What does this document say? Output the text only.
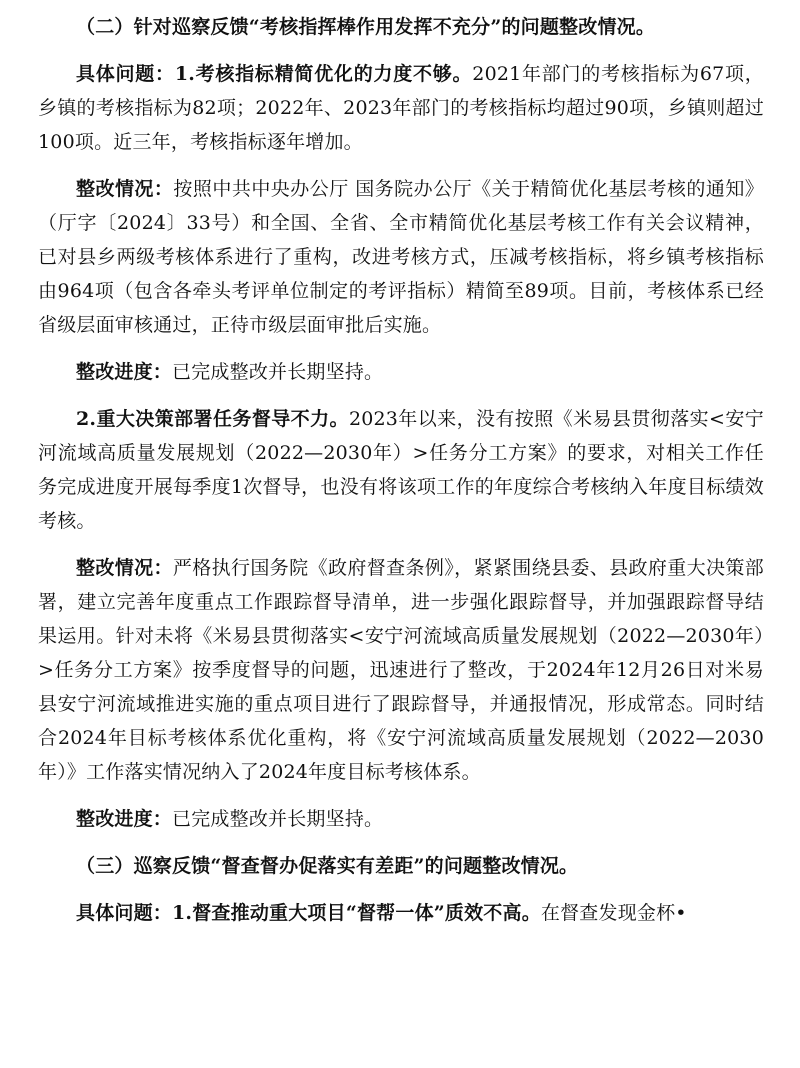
（二）针对巡察反馈“考核指挥棒作用发挥不充分”的问题整改情况。

具体问题：1.考核指标精简优化的力度不够。2021年部门的考核指标为67项，乡镇的考核指标为82项；2022年、2023年部门的考核指标均超过90项，乡镇则超过100项。近三年，考核指标逐年增加。

整改情况：按照中共中央办公厅 国务院办公厅《关于精简优化基层考核的通知》（厅字〔2024〕33号）和全国、全省、全市精简优化基层考核工作有关会议精神，已对县乡两级考核体系进行了重构，改进考核方式，压减考核指标，将乡镇考核指标由964项（包含各牵头考评单位制定的考评指标）精简至89项。目前，考核体系已经省级层面审核通过，正待市级层面审批后实施。

整改进度：已完成整改并长期坚持。

2.重大决策部署任务督导不力。2023年以来，没有按照《米易县贯彻落实<安宁河流域高质量发展规划（2022—2030年）>任务分工方案》的要求，对相关工作任务完成进度开展每季度1次督导，也没有将该项工作的年度综合考核纳入年度目标绩效考核。

整改情况：严格执行国务院《政府督查条例》，紧紧围绕县委、县政府重大决策部署，建立完善年度重点工作跟踪督导清单，进一步强化跟踪督导，并加强跟踪督导结果运用。针对未将《米易县贯彻落实<安宁河流域高质量发展规划（2022—2030年）>任务分工方案》按季度督导的问题，迅速进行了整改，于2024年12月26日对米易县安宁河流域推进实施的重点项目进行了跟踪督导，并通报情况，形成常态。同时结合2024年目标考核体系优化重构，将《安宁河流域高质量发展规划（2022—2030年）》工作落实情况纳入了2024年度目标考核体系。

整改进度：已完成整改并长期坚持。

（三）巡察反馈“督查督办促落实有差距”的问题整改情况。

具体问题：1.督查推动重大项目“督帮一体”质效不高。在督查发现金杯•
